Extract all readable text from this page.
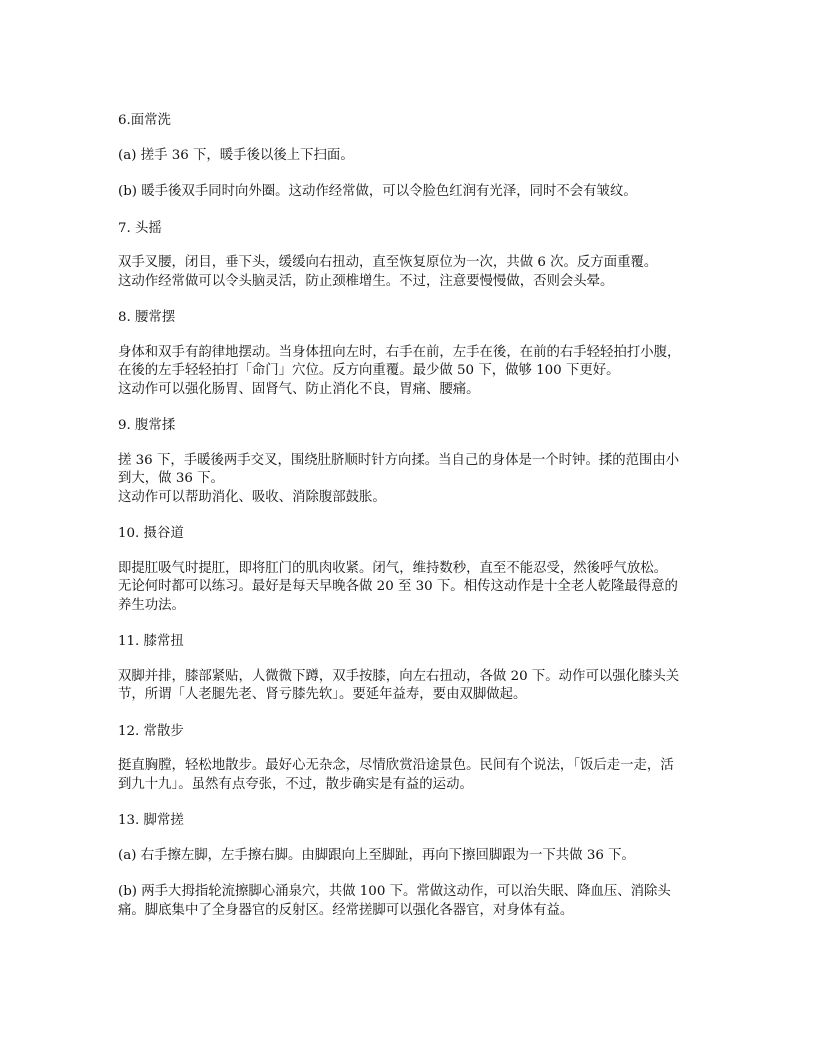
6.面常洗

(a) 搓手 36 下，暖手後以後上下扫面。

(b) 暖手後双手同时向外圈。这动作经常做，可以令脸色红润有光泽，同时不会有皱纹。

7. 头摇

双手叉腰，闭目，垂下头，缓缓向右扭动，直至恢复原位为一次，共做 6 次。反方面重覆。
这动作经常做可以令头脑灵活，防止颈椎增生。不过，注意要慢慢做，否则会头晕。

8. 腰常摆

身体和双手有韵律地摆动。当身体扭向左时，右手在前，左手在後，在前的右手轻轻拍打小腹，
在後的左手轻轻拍打「命门」穴位。反方向重覆。最少做 50 下，做够 100 下更好。
这动作可以强化肠胃、固肾气、防止消化不良，胃痛、腰痛。

9. 腹常揉

搓 36 下，手暖後两手交叉，围绕肚脐顺时针方向揉。当自己的身体是一个时钟。揉的范围由小
到大，做 36 下。
这动作可以帮助消化、吸收、消除腹部鼓胀。

10. 摄谷道

即提肛吸气时提肛，即将肛门的肌肉收紧。闭气，维持数秒，直至不能忍受，然後呼气放松。
无论何时都可以练习。最好是每天早晚各做 20 至 30 下。相传这动作是十全老人乾隆最得意的
养生功法。

11. 膝常扭

双脚并排，膝部紧贴，人微微下蹲，双手按膝，向左右扭动，各做 20 下。动作可以强化膝头关
节，所谓「人老腿先老、肾亏膝先软」。要延年益寿，要由双脚做起。

12. 常散步

挺直胸膛，轻松地散步。最好心无杂念，尽情欣赏沿途景色。民间有个说法，「饭后走一走，活
到九十九」。虽然有点夸张，不过，散步确实是有益的运动。

13. 脚常搓

(a) 右手擦左脚，左手擦右脚。由脚跟向上至脚趾，再向下擦回脚跟为一下共做 36 下。

(b) 两手大拇指轮流擦脚心涌泉穴，共做 100 下。常做这动作，可以治失眠、降血压、消除头
痛。脚底集中了全身器官的反射区。经常搓脚可以强化各器官，对身体有益。
